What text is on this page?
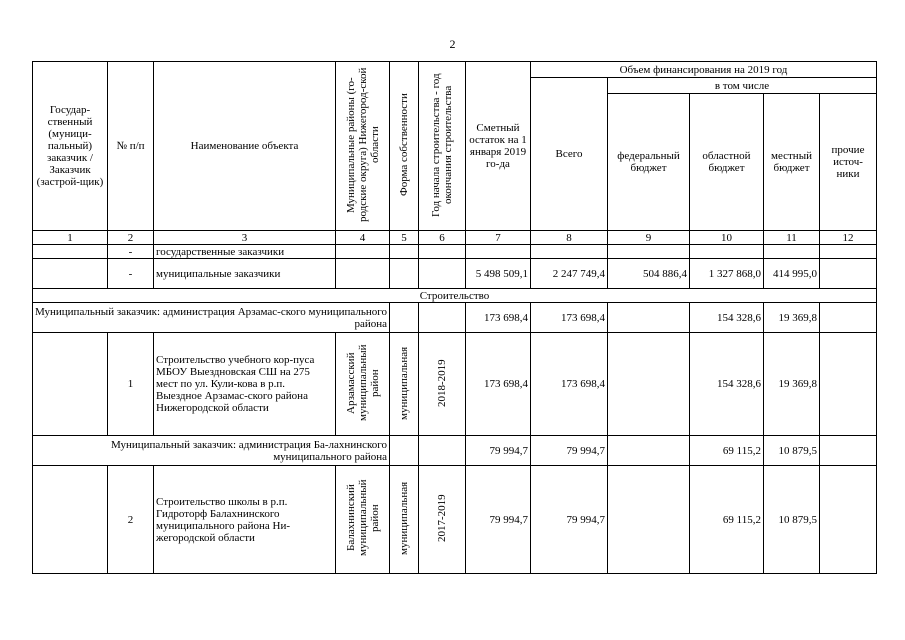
2
Государ-ственный (муници-пальный) заказчик / Заказчик (застрой-щик)	№ п/п	Наименование объекта	Муниципальные районы (го-родские округа) Нижегород-ской области	Форма собственности	Год начала строительства - год окончания строительства	Сметный остаток на 1 января 2019 го-да	Объем финансирования на 2019 год				
							Всего	в том числе			
								федеральный бюджет	областной бюджет	местный бюджет	прочие источ-ники
1	2	3	4	5	6	7	8	9	10	11	12
	-	государственные заказчики									
	-	муниципальные заказчики				5 498 509,1	2 247 749,4	504 886,4	1 327 868,0	414 995,0	
Строительство											
Муниципальный заказчик: администрация Арзамас-ского муниципального района						173 698,4	173 698,4		154 328,6	19 369,8	
	1	Строительство учебного кор-пуса МБОУ Выездновская СШ на 275 мест по ул. Кули-кова в р.п. Выездное Арзамас-ского района Нижегородской области	Арзамасский муниципальный район	муниципальная	2018-2019	173 698,4	173 698,4		154 328,6	19 369,8	
Муниципальный заказчик: администрация Ба-лахнинского муниципального района						79 994,7	79 994,7		69 115,2	10 879,5	
	2	Строительство школы в р.п. Гидроторф Балахнинского муниципального района Ни-жегородской области	Балахнинский муниципальный район	муниципальная	2017-2019	79 994,7	79 994,7		69 115,2	10 879,5	
